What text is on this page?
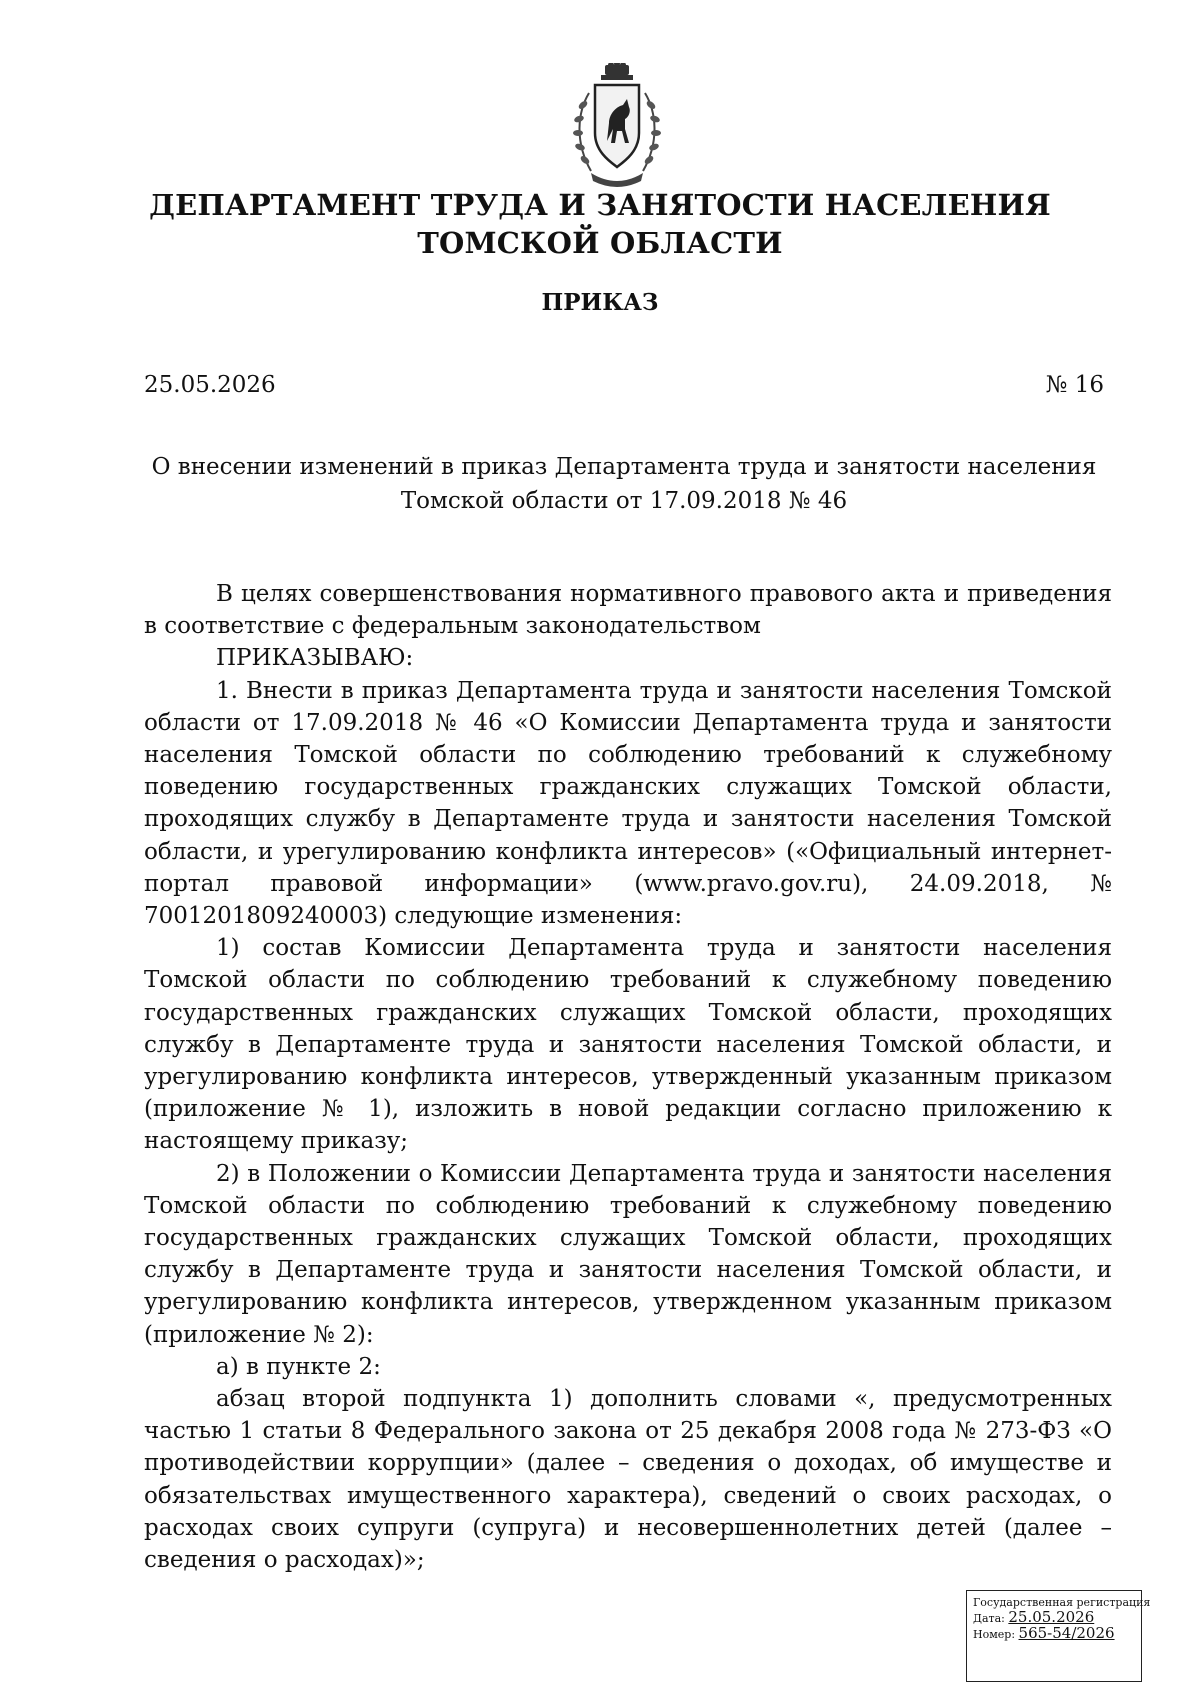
ДЕПАРТАМЕНТ ТРУДА И ЗАНЯТОСТИ НАСЕЛЕНИЯ
ТОМСКОЙ ОБЛАСТИ
ПРИКАЗ
25.05.2026	№ 16
О внесении изменений в приказ Департамента труда и занятости населения
Томской области от 17.09.2018 № 46

В целях совершенствования нормативного правового акта и приведения в соответствие с федеральным законодательством

ПРИКАЗЫВАЮ:

1. Внести в приказ Департамента труда и занятости населения Томской области от 17.09.2018 № 46 «О Комиссии Департамента труда и занятости населения Томской области по соблюдению требований к служебному поведению государственных гражданских служащих Томской области, проходящих службу в Департаменте труда и занятости населения Томской области, и урегулированию конфликта интересов» («Официальный интернет-портал правовой информации» (www.pravo.gov.ru), 24.09.2018, № 7001201809240003) следующие изменения:

1) состав Комиссии Департамента труда и занятости населения Томской области по соблюдению требований к служебному поведению государственных гражданских служащих Томской области, проходящих службу в Департаменте труда и занятости населения Томской области, и урегулированию конфликта интересов, утвержденный указанным приказом (приложение № 1), изложить в новой редакции согласно приложению к настоящему приказу;

2) в Положении о Комиссии Департамента труда и занятости населения Томской области по соблюдению требований к служебному поведению государственных гражданских служащих Томской области, проходящих службу в Департаменте труда и занятости населения Томской области, и урегулированию конфликта интересов, утвержденном указанным приказом (приложение № 2):

а) в пункте 2:

абзац второй подпункта 1) дополнить словами «, предусмотренных частью 1 статьи 8 Федерального закона от 25 декабря 2008 года № 273-ФЗ «О противодействии коррупции» (далее – сведения о доходах, об имуществе и обязательствах имущественного характера), сведений о своих расходах, о расходах своих супруги (супруга) и несовершеннолетних детей (далее – сведения о расходах)»;

Государственная регистрация
Дата: 25.05.2026
Номер: 565-54/2026
